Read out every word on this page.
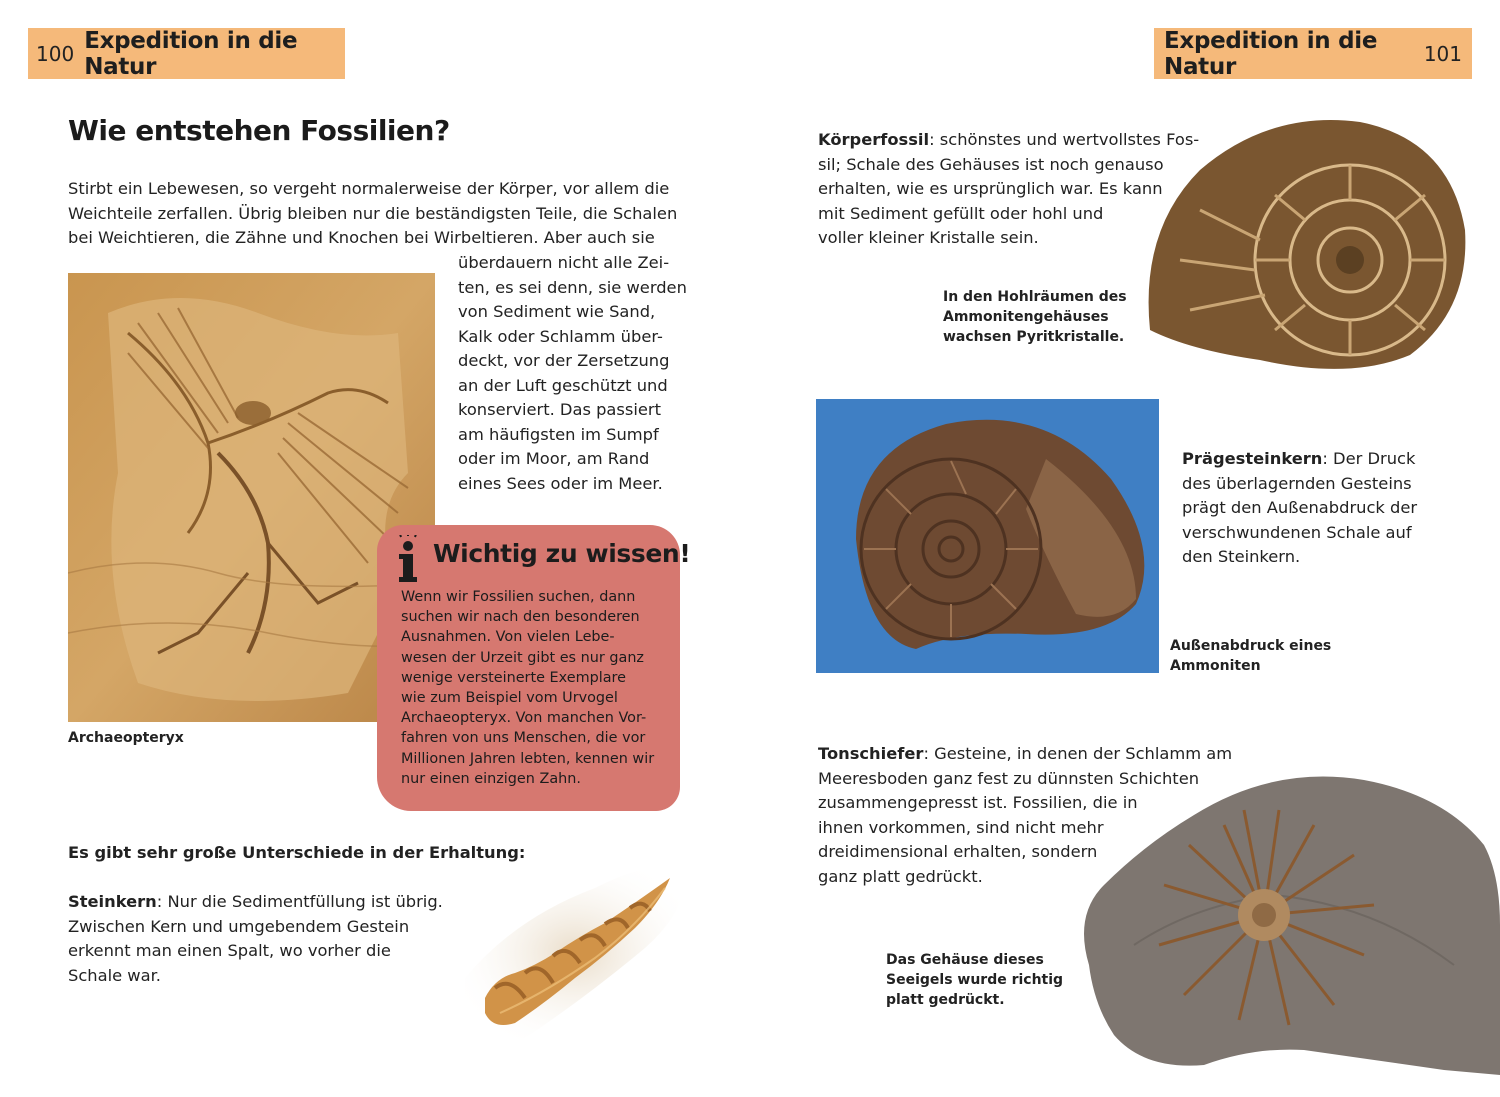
100 Expedition in die Natur
Wie entstehen Fossilien?
Stirbt ein Lebewesen, so vergeht normalerweise der Körper, vor allem die
Weichteile zerfallen. Übrig bleiben nur die beständigsten Teile, die Schalen
bei Weichtieren, die Zähne und Knochen bei Wirbeltieren. Aber auch sie
überdauern nicht alle Zei-
ten, es sei denn, sie werden
von Sediment wie Sand,
Kalk oder Schlamm über-
deckt, vor der Zersetzung
an der Luft geschützt und
konserviert. Das passiert
am häufigsten im Sumpf
oder im Moor, am Rand
eines Sees oder im Meer.
Archaeopteryx
Wichtig zu wissen!
Wenn wir Fossilien suchen, dann
suchen wir nach den besonderen
Ausnahmen. Von vielen Lebe-
wesen der Urzeit gibt es nur ganz
wenige versteinerte Exemplare
wie zum Beispiel vom Urvogel
Archaeopteryx. Von manchen Vor-
fahren von uns Menschen, die vor
Millionen Jahren lebten, kennen wir
nur einen einzigen Zahn.
Es gibt sehr große Unterschiede in der Erhaltung:
Steinkern: Nur die Sedimentfüllung ist übrig.
Zwischen Kern und umgebendem Gestein
erkennt man einen Spalt, wo vorher die
Schale war.
Expedition in die Natur	101
Körperfossil: schönstes und wertvollstes Fos-
sil; Schale des Gehäuses ist noch genauso
erhalten, wie es ursprünglich war. Es kann
mit Sediment gefüllt oder hohl und
voller kleiner Kristalle sein.
In den Hohlräumen des
Ammonitengehäuses
wachsen Pyritkristalle.
Prägesteinkern: Der Druck
des überlagernden Gesteins
prägt den Außenabdruck der
verschwundenen Schale auf
den Steinkern.
Außenabdruck eines
Ammoniten
Tonschiefer: Gesteine, in denen der Schlamm am
Meeresboden ganz fest zu dünnsten Schichten
zusammengepresst ist. Fossilien, die in
ihnen vorkommen, sind nicht mehr
dreidimensional erhalten, sondern
ganz platt gedrückt.
Das Gehäuse dieses
Seeigels wurde richtig
platt gedrückt.
